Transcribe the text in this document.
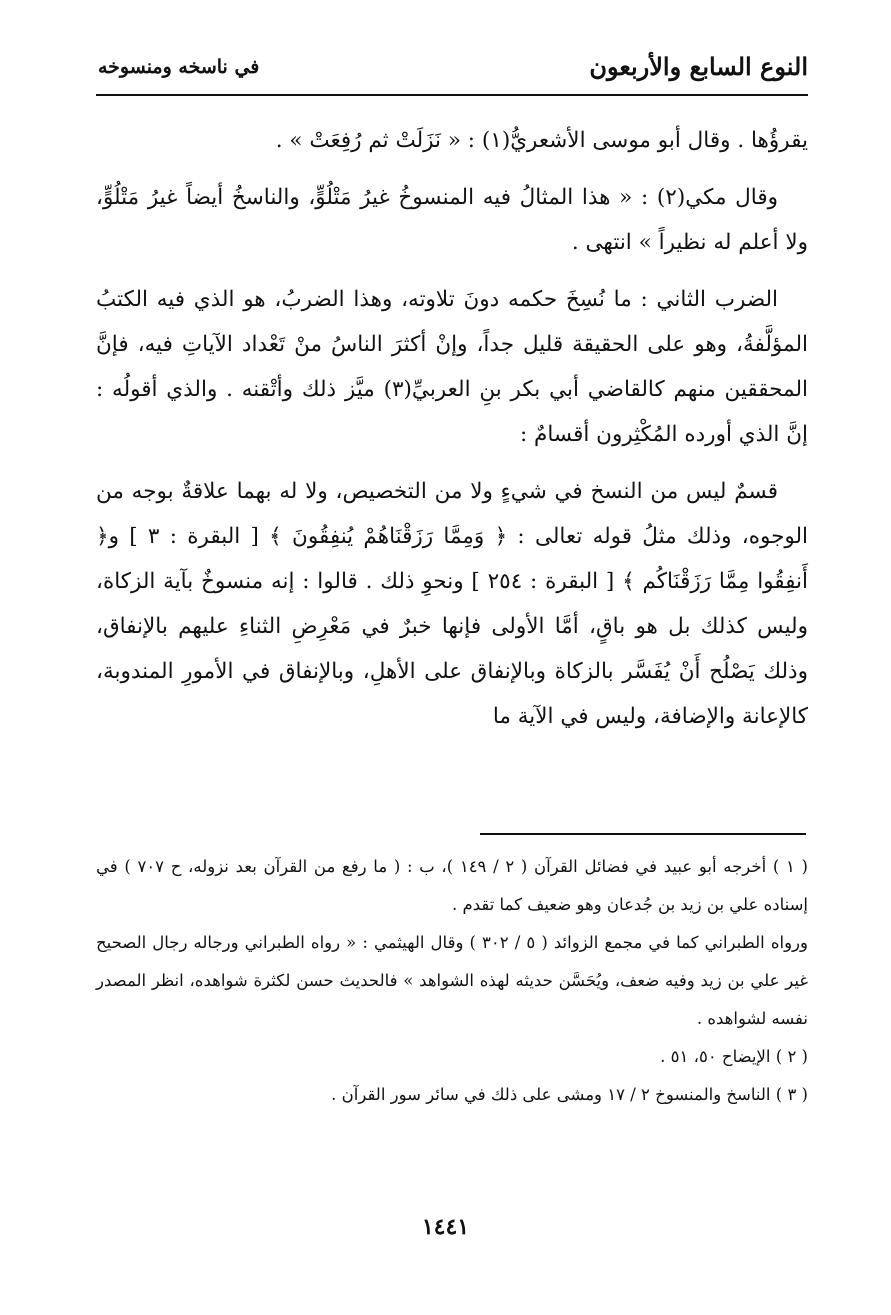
النوع السابع والأربعون
في ناسخه ومنسوخه

يقرؤُها . وقال أبو موسى الأشعريُّ(١) : « نَزَلَتْ ثم رُفِعَتْ » .

وقال مكي(٢) : « هذا المثالُ فيه المنسوخُ غيرُ مَتْلُوٍّ، والناسخُ أيضاً غيرُ مَتْلُوٍّ، ولا أعلم له نظيراً » انتهى .

الضرب الثاني : ما نُسِخَ حكمه دونَ تلاوته، وهذا الضربُ، هو الذي فيه الكتبُ المؤلَّفةُ، وهو على الحقيقة قليل جداً، وإنْ أكثرَ الناسُ منْ تَعْداد الآياتِ فيه، فإنَّ المحققين منهم كالقاضي أبي بكر بنِ العربيِّ(٣) ميَّز ذلك وأتْقنه . والذي أقولُه : إنَّ الذي أورده المُكْثِرون أقسامٌ :

قسمٌ ليس من النسخ في شيءٍ ولا من التخصيص، ولا له بهما علاقةٌ بوجه من الوجوه، وذلك مثلُ قوله تعالى : ﴿ وَمِمَّا رَزَقْنَاهُمْ يُنفِقُونَ ﴾ [ البقرة : ٣ ] و﴿ أَنفِقُوا مِمَّا رَزَقْنَاكُم ﴾ [ البقرة : ٢٥٤ ] ونحوِ ذلك . قالوا : إنه منسوخٌ بآية الزكاة، وليس كذلك بل هو باقٍ، أمَّا الأولى فإنها خبرٌ في مَعْرِضِ الثناءِ عليهم بالإنفاق، وذلك يَصْلُح أَنْ يُفَسَّر بالزكاة وبالإنفاق على الأهلِ، وبالإنفاق في الأمورِ المندوبة، كالإعانة والإضافة، وليس في الآية ما

( ١ ) أخرجه أبو عبيد في فضائل القرآن ( ٢ / ١٤٩ )، ب : ( ما رفع من القرآن بعد نزوله، ح ٧٠٧ ) في إسناده علي بن زيد بن جُدعان وهو ضعيف كما تقدم .

ورواه الطبراني كما في مجمع الزوائد ( ٥ / ٣٠٢ ) وقال الهيثمي : « رواه الطبراني ورجاله رجال الصحيح غير علي بن زيد وفيه ضعف، ويُحَسَّن حديثه لهذه الشواهد » فالحديث حسن لكثرة شواهده، انظر المصدر نفسه لشواهده .

( ٢ ) الإيضاح ٥٠، ٥١ .

( ٣ ) الناسخ والمنسوخ ٢ / ١٧ ومشى على ذلك في سائر سور القرآن .

١٤٤١
